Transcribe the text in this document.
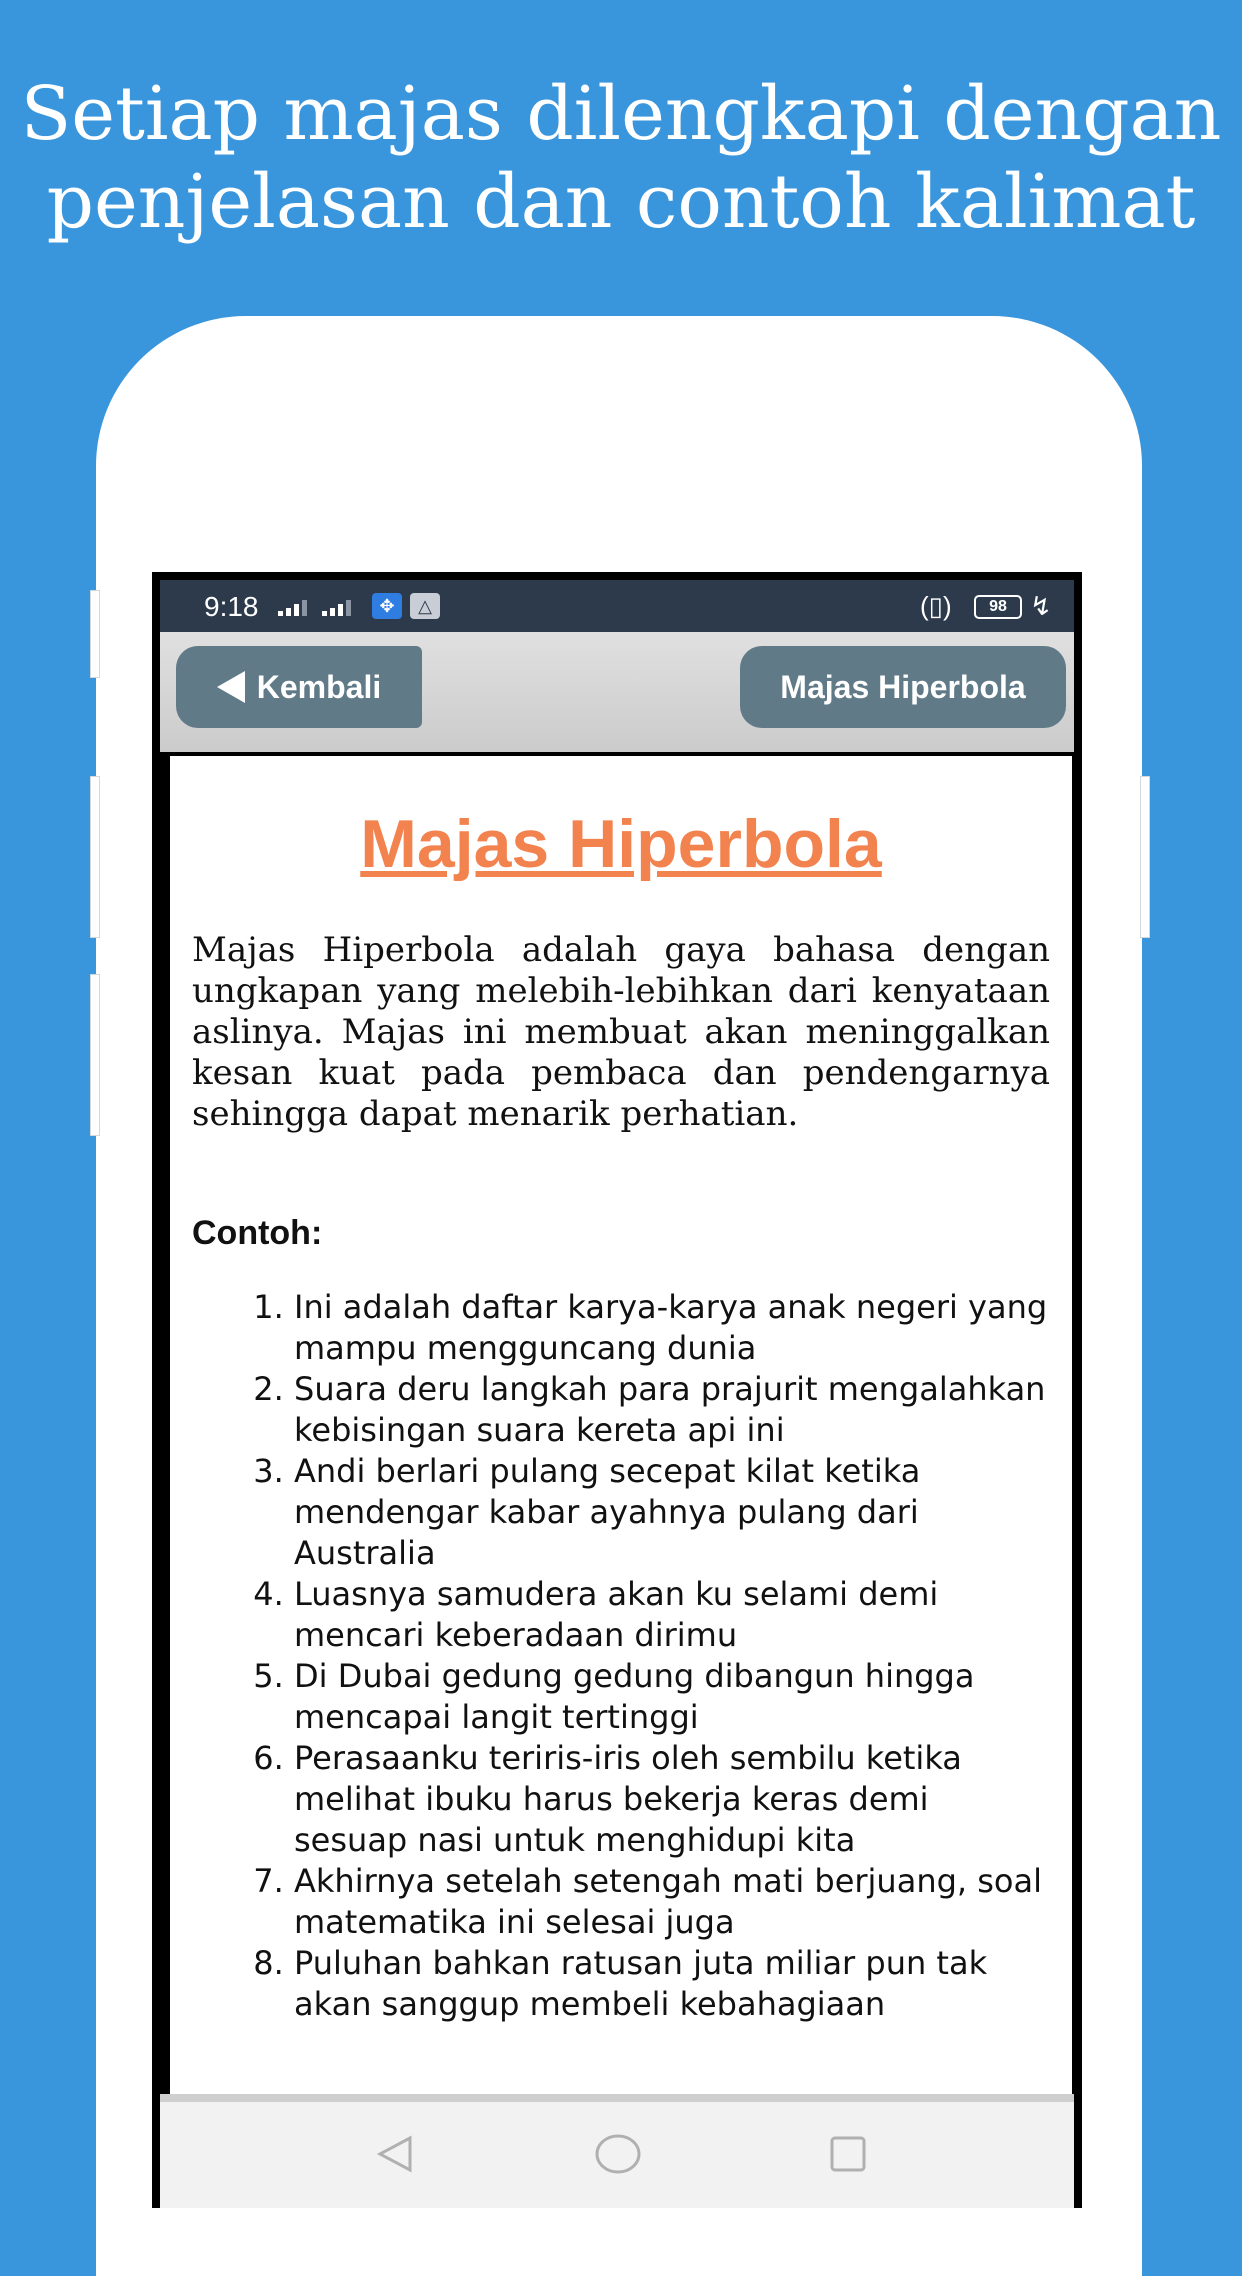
Setiap majas dilengkapi dengan
penjelasan dan contoh kalimat
9:18	✥	△	(▯)	98 ↯
Kembali	Majas Hiperbola
Majas Hiperbola

Majas Hiperbola adalah gaya bahasa dengan ungkapan yang melebih-lebihkan dari kenyataan aslinya. Majas ini membuat akan meninggalkan kesan kuat pada pembaca dan pendengarnya sehingga dapat menarik perhatian.

Contoh:

1. Ini adalah daftar karya-karya anak negeri yang mampu mengguncang dunia
2. Suara deru langkah para prajurit mengalahkan kebisingan suara kereta api ini
3. Andi berlari pulang secepat kilat ketika mendengar kabar ayahnya pulang dari Australia
4. Luasnya samudera akan ku selami demi mencari keberadaan dirimu
5. Di Dubai gedung gedung dibangun hingga mencapai langit tertinggi
6. Perasaanku teriris-iris oleh sembilu ketika melihat ibuku harus bekerja keras demi sesuap nasi untuk menghidupi kita
7. Akhirnya setelah setengah mati berjuang, soal matematika ini selesai juga
8. Puluhan bahkan ratusan juta miliar pun tak akan sanggup membeli kebahagiaan
